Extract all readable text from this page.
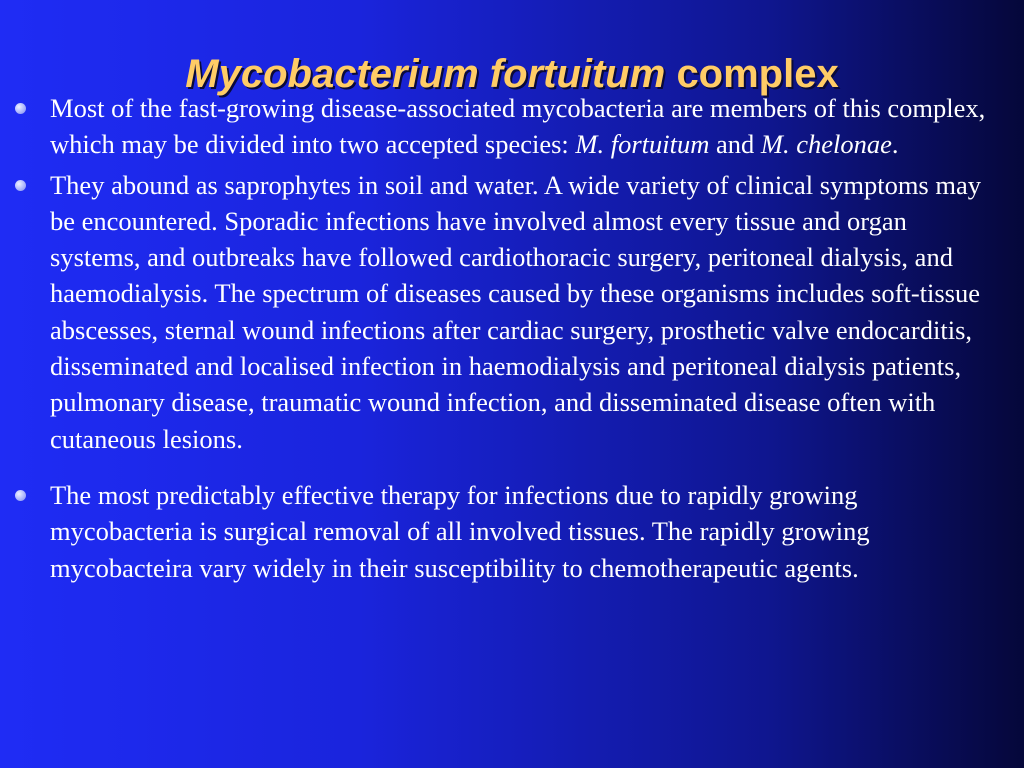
Mycobacterium fortuitum complex
Most of the fast-growing disease-associated mycobacteria are members of this complex, which may be divided into two accepted species: M. fortuitum and M. chelonae.
They abound as saprophytes in soil and water. A wide variety of clinical symptoms may be encountered. Sporadic infections have involved almost every tissue and organ systems, and outbreaks have followed cardiothoracic surgery, peritoneal dialysis, and haemodialysis. The spectrum of diseases caused by these organisms includes soft-tissue abscesses, sternal wound infections after cardiac surgery, prosthetic valve endocarditis, disseminated and localised infection in haemodialysis and peritoneal dialysis patients, pulmonary disease, traumatic wound infection, and disseminated disease often with cutaneous lesions.
The most predictably effective therapy for infections due to rapidly growing mycobacteria is surgical removal of all involved tissues. The rapidly growing mycobacteira vary widely in their susceptibility to chemotherapeutic agents.
